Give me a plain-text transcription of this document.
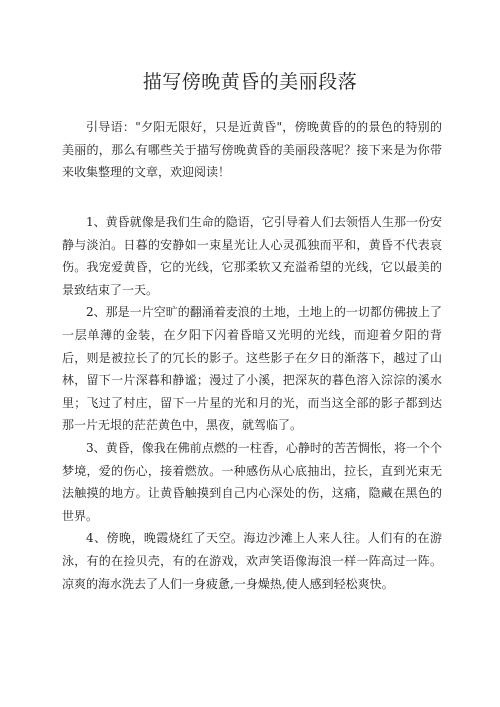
描写傍晚黄昏的美丽段落

引导语："夕阳无限好，只是近黄昏"，傍晚黄昏的的景色的特别的美丽的，那么有哪些关于描写傍晚黄昏的美丽段落呢？接下来是为你带来收集整理的文章，欢迎阅读！

1、黄昏就像是我们生命的隐语，它引导着人们去领悟人生那一份安静与淡泊。日暮的安静如一束星光让人心灵孤独而平和，黄昏不代表哀伤。我宠爱黄昏，它的光线，它那柔软又充溢希望的光线，它以最美的景致结束了一天。

2、那是一片空旷的翻涌着麦浪的土地，土地上的一切都仿佛披上了一层单薄的金装，在夕阳下闪着昏暗又光明的光线，而迎着夕阳的背后，则是被拉长了的冗长的影子。这些影子在夕日的渐落下，越过了山林，留下一片深暮和静谧；漫过了小溪，把深灰的暮色溶入淙淙的溪水里；飞过了村庄，留下一片星的光和月的光，而当这全部的影子都到达那一片无垠的茫茫黄色中，黑夜，就驾临了。

3、黄昏，像我在佛前点燃的一柱香，心静时的苦苦惆怅，将一个个梦境，爱的伤心，接着燃放。一种感伤从心底抽出，拉长，直到光束无法触摸的地方。让黄昏触摸到自己内心深处的伤，这痛，隐藏在黑色的世界。

4、傍晚，晚霞烧红了天空。海边沙滩上人来人往。人们有的在游泳，有的在捡贝壳，有的在游戏，欢声笑语像海浪一样一阵高过一阵。凉爽的海水洗去了人们一身疲惫,一身燥热,使人感到轻松爽快。
